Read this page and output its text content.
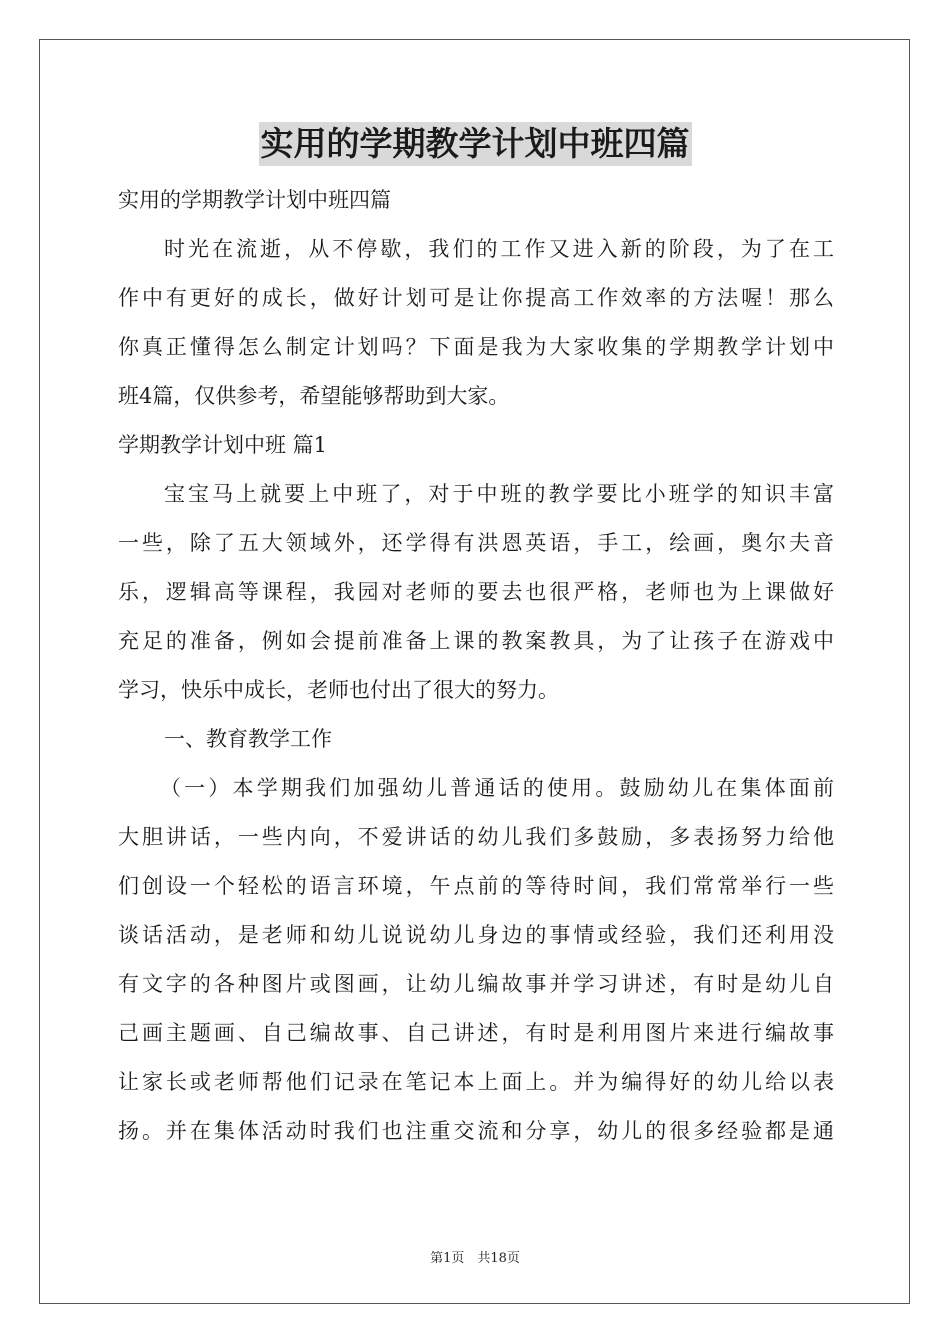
实用的学期教学计划中班四篇
实用的学期教学计划中班四篇
时光在流逝，从不停歇，我们的工作又进入新的阶段，为了在工
作中有更好的成长，做好计划可是让你提高工作效率的方法喔！那么
你真正懂得怎么制定计划吗？下面是我为大家收集的学期教学计划中
班4篇，仅供参考，希望能够帮助到大家。
学期教学计划中班 篇1
宝宝马上就要上中班了，对于中班的教学要比小班学的知识丰富
一些，除了五大领域外，还学得有洪恩英语，手工，绘画，奥尔夫音
乐，逻辑高等课程，我园对老师的要去也很严格，老师也为上课做好
充足的准备，例如会提前准备上课的教案教具，为了让孩子在游戏中
学习，快乐中成长，老师也付出了很大的努力。
一、教育教学工作
（一）本学期我们加强幼儿普通话的使用。鼓励幼儿在集体面前
大胆讲话，一些内向，不爱讲话的幼儿我们多鼓励，多表扬努力给他
们创设一个轻松的语言环境，午点前的等待时间，我们常常举行一些
谈话活动，是老师和幼儿说说幼儿身边的事情或经验，我们还利用没
有文字的各种图片或图画，让幼儿编故事并学习讲述，有时是幼儿自
己画主题画、自己编故事、自己讲述，有时是利用图片来进行编故事
让家长或老师帮他们记录在笔记本上面上。并为编得好的幼儿给以表
扬。并在集体活动时我们也注重交流和分享，幼儿的很多经验都是通
第1页　共18页
